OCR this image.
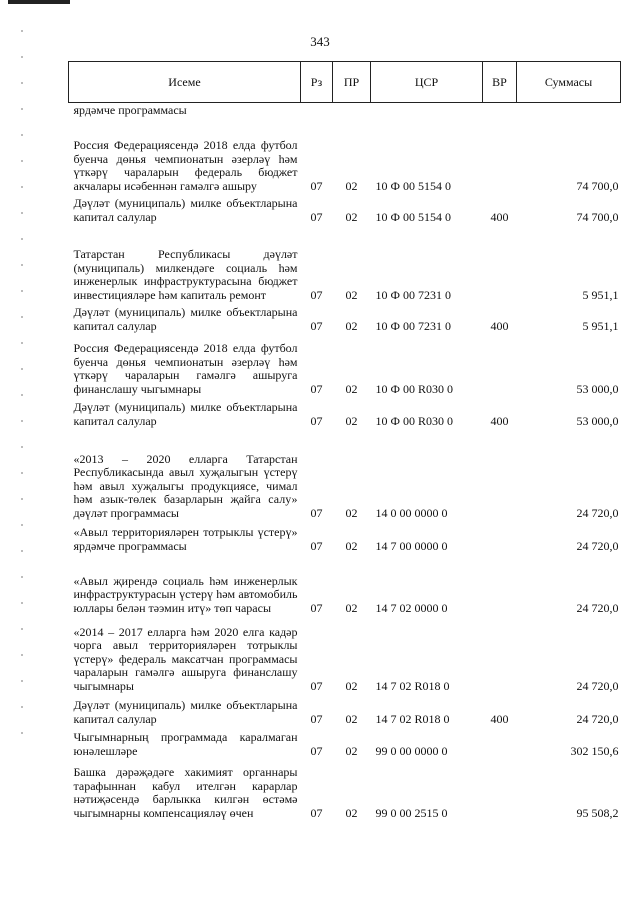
343
Исеме	Рз	ПР	ЦСР	ВР	Суммасы
ярдәмче программасы					
Россия Федерациясендә 2018 елда футбол буенча дөнья чемпионатын әзерләү һәм үткәрү чараларын федераль бюджет акчалары исәбеннән гамәлгә ашыру	07	02	10 Ф 00 5154 0		74 700,0
Дәүләт (муниципаль) милке объектларына капитал салулар	07	02	10 Ф 00 5154 0	400	74 700,0
Татарстан Республикасы дәүләт (муниципаль) милкендәге социаль һәм инженерлык инфраструктурасына бюджет инвестицияләре һәм капиталь ремонт	07	02	10 Ф 00 7231 0		5 951,1
Дәүләт (муниципаль) милке объектларына капитал салулар	07	02	10 Ф 00 7231 0	400	5 951,1
Россия Федерациясендә 2018 елда футбол буенча дөнья чемпионатын әзерләү һәм үткәрү чараларын гамәлгә ашыруга финанслашу чыгымнары	07	02	10 Ф 00 R030 0		53 000,0
Дәүләт (муниципаль) милке объектларына капитал салулар	07	02	10 Ф 00 R030 0	400	53 000,0
«2013 – 2020 елларга Татарстан Республикасында авыл хуҗалыгын үстерү һәм авыл хуҗалыгы продукциясе, чимал һәм азык-төлек базарларын җайга салу» дәүләт программасы	07	02	14 0 00 0000 0		24 720,0
«Авыл территорияләрен тотрыклы үстерү» ярдәмче программасы	07	02	14 7 00 0000 0		24 720,0
«Авыл җирендә социаль һәм инженерлык инфраструктурасын үстерү һәм автомобиль юллары белән тәэмин итү» төп чарасы	07	02	14 7 02 0000 0		24 720,0
«2014 – 2017 елларга һәм 2020 елга кадәр чорга авыл территорияләрен тотрыклы үстерү» федераль максатчан программасы чараларын гамәлгә ашыруга финанслашу чыгымнары	07	02	14 7 02 R018 0		24 720,0
Дәүләт (муниципаль) милке объектларына капитал салулар	07	02	14 7 02 R018 0	400	24 720,0
Чыгымнарның программада каралмаган юнәлешләре	07	02	99 0 00 0000 0		302 150,6
Башка дәрәҗәдәге хакимият органнары тарафыннан кабул ителгән карарлар нәтиҗәсендә барлыкка килгән өстәмә чыгымнарны компенсацияләү өчен	07	02	99 0 00 2515 0		95 508,2
